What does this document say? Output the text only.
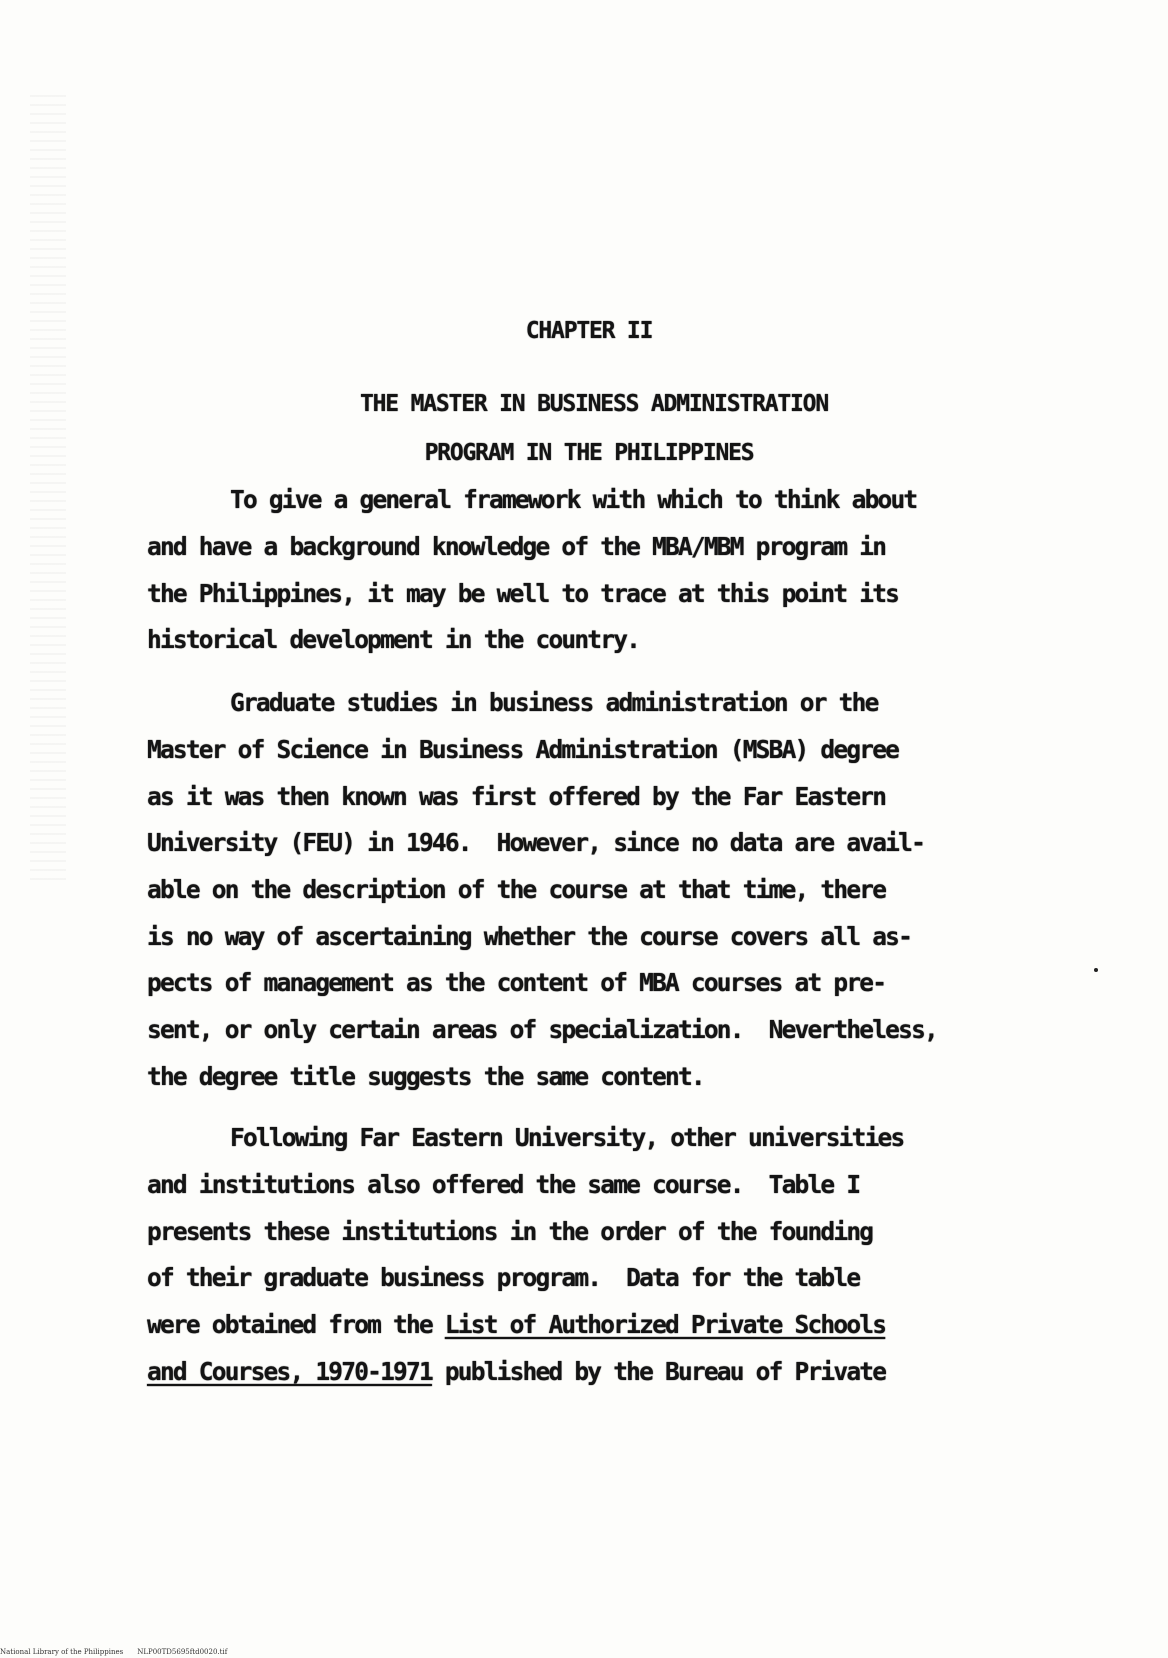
CHAPTER II
THE MASTER IN BUSINESS ADMINISTRATION
PROGRAM IN THE PHILIPPINES
To give a general framework with which to think about
and have a background knowledge of the MBA/MBM program in
the Philippines, it may be well to trace at this point its
historical development in the country.
Graduate studies in business administration or the
Master of Science in Business Administration (MSBA) degree
as it was then known was first offered by the Far Eastern
University (FEU) in 1946.  However, since no data are avail-
able on the description of the course at that time, there
is no way of ascertaining whether the course covers all as-
pects of management as the content of MBA courses at pre-
sent, or only certain areas of specialization.  Nevertheless,
the degree title suggests the same content.
Following Far Eastern University, other universities
and institutions also offered the same course.  Table I
presents these institutions in the order of the founding
of their graduate business program.  Data for the table
were obtained from the List of Authorized Private Schools
and Courses, 1970-1971 published by the Bureau of Private
National Library of the Philippines NLP00TD5695ftd0020.tif
